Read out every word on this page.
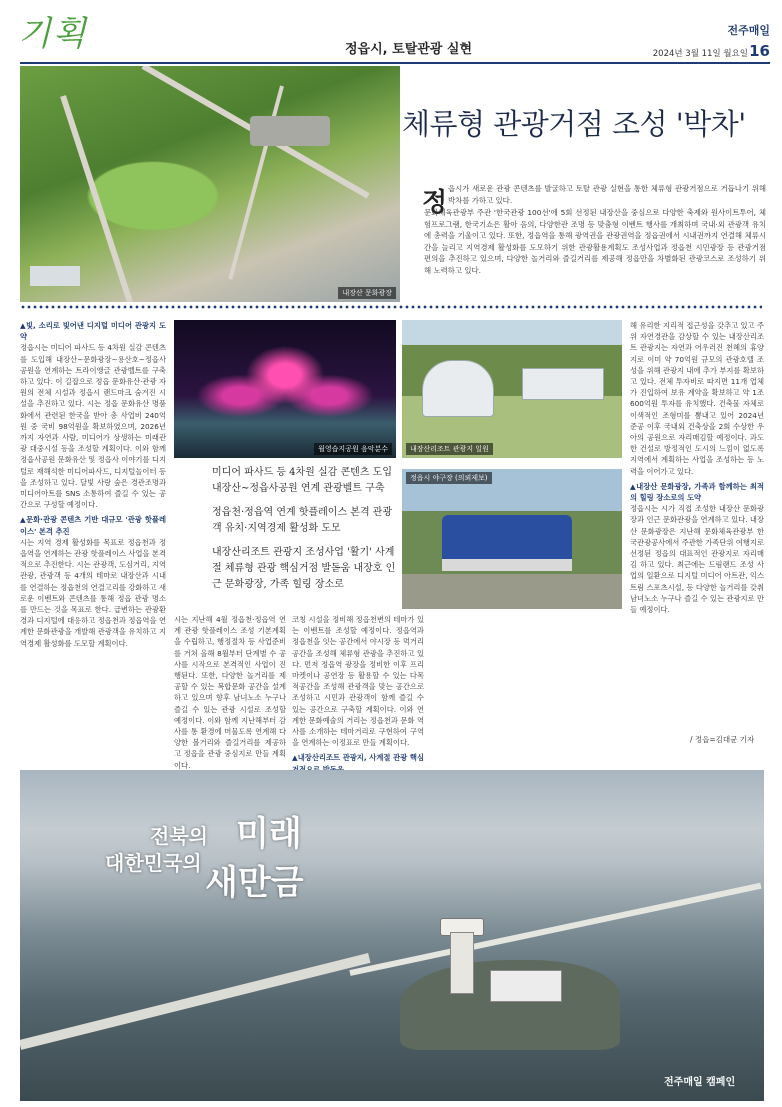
기획	정읍시, 토탈관광 실현
전주매일
2024년 3월 11일 월요일 16
내장산 문화광장
체류형 관광거점 조성 '박차'
정 읍시가 새로운 관광 콘텐츠를 발굴하고 토탈 관광 실현을 통한 체류형 관광거점으로 거듭나기 위해 박차를 가하고 있다.
문화체육관광부 주관 '한국관광 100선'에 5회 선정된 내장산을 중심으로 다양한 축제와 원사이트투어, 체험프로그램, 한국기쇼은 활아 음의, 다양한관 조명 등 맞춤형 이벤트 행사를 개최하며 국내·외 관광객 유치에 총력을 기울이고 있다. 또한, 정읍역을 통해 광역권을 관광권역을 정읍권에서 시내권까지 연결해 체류시간을 늘리고 지역경제 활성화를 도모하기 위한 관광활용계획도 조성사업과 정읍천 시민광장 등 관광거점 편의을 추진하고 있으며, 다양한 놀거리와 즐길거리를 제공해 정읍만을 차별화된 관광코스로 조성하기 위해 노력하고 있다.
▲빛, 소리로 빛어낸 디지털 미디어 관광지 도약
정읍시는 미디어 파사드 등 4차원 실감 콘텐츠를 도입해 내장산∼문화광장∼용산호∼정읍사공원을 연계하는 트라이앵글 관광벨트를 구축하고 있다. 이 길잡으로 정읍 문화유산·관광 자원의 전체 시설과 정읍시 랜드마크 숨겨진 시설을 추진하고 있다. 시는 정읍 문화유산 명품화에서 관련된 한국을 받아 총 사업비 240억원 중 국비 98억원을 확보하였으며, 2026년까지 자연과 사람, 미디어가 상생하는 미래관광 대중시설 등을 조성할 계획이다. 이와 함께 정읍사공원 문화유산 및 정읍사 이야기를 디지털로 재해석한 미디어파사드, 디지털놀이터 등을 조성하고 있다. 달빛 사랑 숲은 경관조명과 미디어아트를 SNS 소통하여 즐길 수 있는 공간으로 구성할 예정이다.
▲문화·관광 콘텐츠 기반 대규모 '관광 핫플레이스' 본격 추진
시는 지역 경제 활성화를 목표로 정읍천과 정읍역을 연계하는 관광 핫플레이스 사업을 본격적으로 추진한다. 시는 관광객, 도심거리, 지역관광, 관광객 등 4개의 테마로 내장산과 시내를 연결하는 정읍천의 연결고리를 강화하고 새로운 이벤트와 콘텐츠를 통해 정읍 관광 명소를 만드는 것을 목표로 한다. 급변하는 관광환경과 디지털에 대응하고 정읍천과 정읍역을 연계한 문화관광을 개발해 관광객을 유치하고 지역경제 활성화를 도모할 계획이다.
월영습지공원 음악분수	내장산리조트 관광지 일원
정읍시 야구장 (의뢰제보)

미디어 파사드 등 4차원 실감 콘텐츠 도입 내장산∼정읍사공원 연계 관광벨트 구축

정읍천·정읍역 연계 핫플레이스 본격 관광객 유치·지역경제 활성화 도모

내장산리조트 관광지 조성사업 '활기' 사계절 체류형 관광 핵심거점 발돋움 내장호 인근 문화광장, 가족 힐링 장소로

시는 지난해 4월 정읍천·정읍역 연계 관광 핫플레이스 조성 기본계획을 수립하고, 행정절차 등 사업준비를 거쳐 올해 8월부터 단계별 수 공사를 시작으로 본격적인 사업이 진행된다. 또한, 다양한 놀거리를 제공할 수 있는 복합문화 공간을 설계하고 있으며 향후 남녀노소 누구나 즐길 수 있는 관광 시설로 조성할 예정이다. 이와 함께 지난해부터 감사를 통 환경에 머물도록 연계해 다양한 볼거리와 즐길거리를 제공하고 정읍을 관광 중심지로 만들 계획이다.
코칭 시설을 정비해 정읍천변의 테마가 있는 이벤트를 조성할 예정이다. 정읍역과 정읍천을 잇는 공간에서 야시장 등 먹거리 공간을 조성해 체류형 관광을 추진하고 있다. 먼저 정읍역 광장을 정비한 이후 프리마켓이나 공연장 등 활용할 수 있는 다목적공간을 조성해 관광객을 맞는 공간으로 조성하고 시민과 관광객이 함께 즐길 수 있는 공간으로 구축할 계획이다. 이와 연계한 문화예술의 거리는 정읍천과 문화 역사를 소개하는 테마거리로 구현하여 구역을 연계하는 이정표로 만들 계획이다.
▲내장산리조트 관광지, 사계절 관광 핵심
해 유리한 지리적 접근성을 갖추고 있고 주위 자연경관을 감상할 수 있는 내장산리조트 관광지는 자연과 어우러진 천혜의 휴양지로 이미 약 70억원 규모의 관광호텔 조성을 위해 관광지 내에 추가 부지를 확보하고 있다. 전체 투자비로 따지면 11개 업체가 진입하여 보유 계약을 확보하고 약 1조 600억원 투자를 유치했다. 건축물 자체로 이색적인 조형미를 뽐내고 있어 2024년 준공 이후 국내외 건축상을 2회 수상한 우아의 공원으로 자리매김할 예정이다. 과도한 건설로 방정적인 도시의 느낌이 없도록 지역에서 계획하는 사업을 조성하는 등 노력을 이어가고 있다.
▲내장산 문화광장, 가족과 함께하는 최적의 힐링 장소로의 도약
정읍시는 시가 직접 조성한 내장산 문화광장과 인근 문화관광을 연계하고 있다. 내장산 문화광장은 지난해 문화체육관광부 한국관광공사에서 주관한 가족단위 여행지로 선정된 정읍의 대표적인 관광지로 자리매김 하고 있다. 최근에는 드림랜드 조성 사업의 일환으로 디지털 미디어 아트관, 익스트림 스포츠시설, 등 다양한 놀거리를 갖춰 남녀노소 누구나 즐길 수 있는 관광지로 만들 예정이다.
/ 정읍=김대균 기자
전북의
대한민국의
미래
새만금
전주매일 캠페인
